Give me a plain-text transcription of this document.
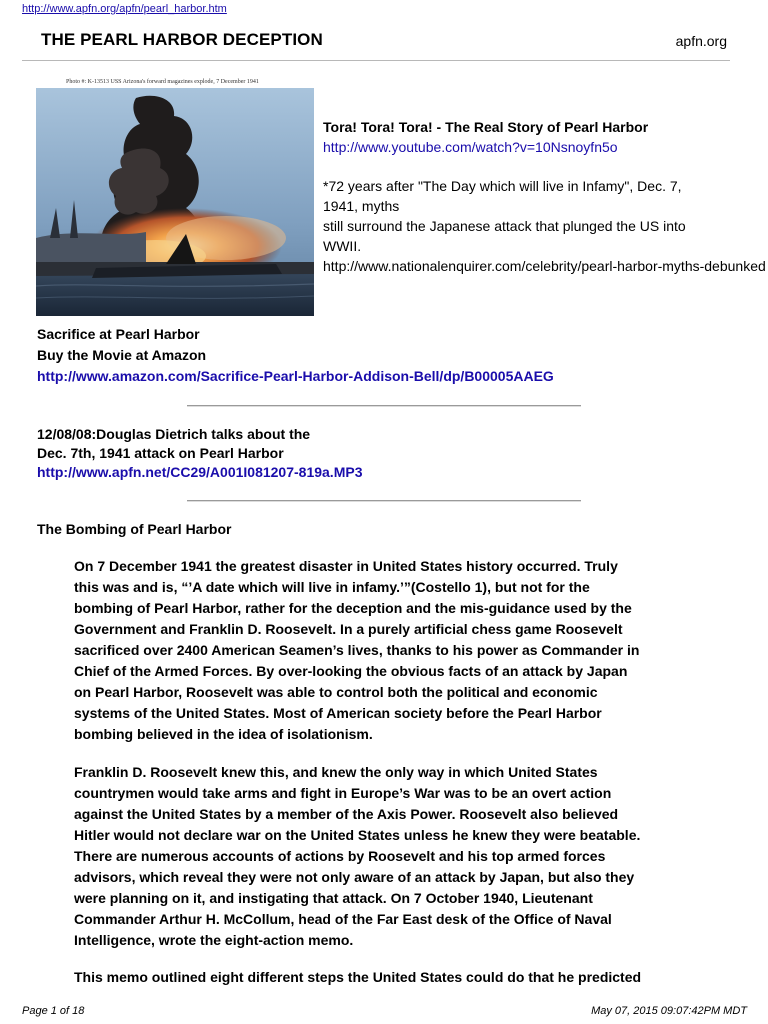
http://www.apfn.org/apfn/pearl_harbor.htm
THE PEARL HARBOR DECEPTION	apfn.org
Photo #: K-13513 USS Arizona's forward magazines explode, 7 December 1941
Tora! Tora! Tora! - The Real Story of Pearl Harbor
http://www.youtube.com/watch?v=10Nsnoyfn5o
*72 years after "The Day which will live in Infamy", Dec. 7,
1941, myths
still surround the Japanese attack that plunged the US into
WWII.
http://www.nationalenquirer.com/celebrity/pearl-harbor-myths-debunked
Sacrifice at Pearl Harbor
Buy the Movie at Amazon
http://www.amazon.com/Sacrifice-Pearl-Harbor-Addison-Bell/dp/B00005AAEG
12/08/08:Douglas Dietrich talks about the
Dec. 7th, 1941 attack on Pearl Harbor
http://www.apfn.net/CC29/A001I081207-819a.MP3
The Bombing of Pearl Harbor
On 7 December 1941 the greatest disaster in United States history occurred. Truly
this was and is, “’A date which will live in infamy.’”(Costello 1), but not for the
bombing of Pearl Harbor, rather for the deception and the mis-guidance used by the
Government and Franklin D. Roosevelt. In a purely artificial chess game Roosevelt
sacrificed over 2400 American Seamen’s lives, thanks to his power as Commander in
Chief of the Armed Forces. By over-looking the obvious facts of an attack by Japan
on Pearl Harbor, Roosevelt was able to control both the political and economic
systems of the United States. Most of American society before the Pearl Harbor
bombing believed in the idea of isolationism.
Franklin D. Roosevelt knew this, and knew the only way in which United States
countrymen would take arms and fight in Europe’s War was to be an overt action
against the United States by a member of the Axis Power. Roosevelt also believed
Hitler would not declare war on the United States unless he knew they were beatable.
There are numerous accounts of actions by Roosevelt and his top armed forces
advisors, which reveal they were not only aware of an attack by Japan, but also they
were planning on it, and instigating that attack. On 7 October 1940, Lieutenant
Commander Arthur H. McCollum, head of the Far East desk of the Office of Naval
Intelligence, wrote the eight-action memo.
This memo outlined eight different steps the United States could do that he predicted
Page 1 of 18	May 07, 2015 09:07:42PM MDT
